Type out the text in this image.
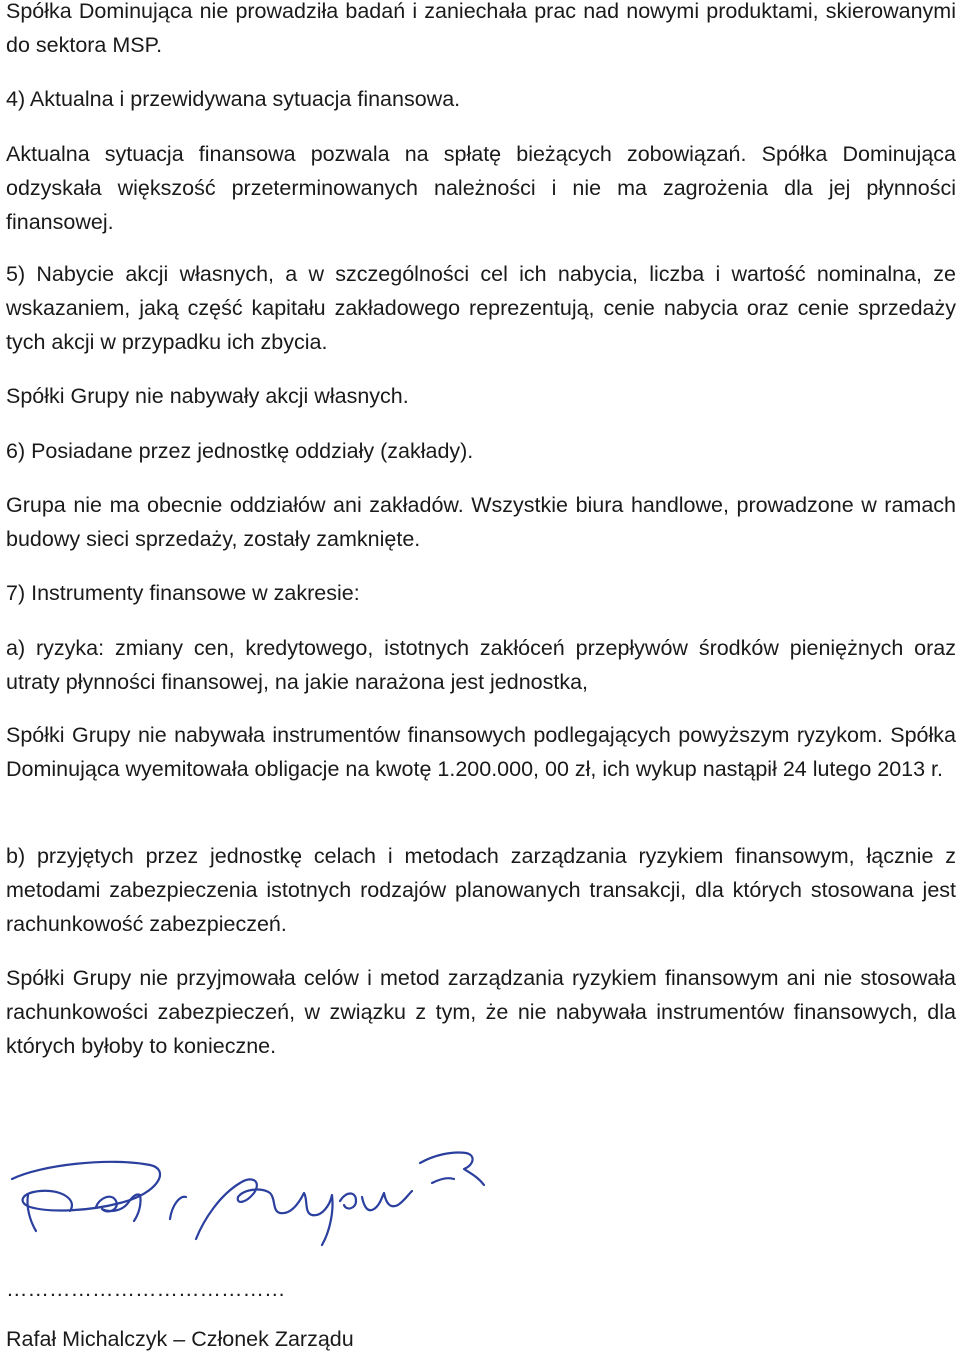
Spółka Dominująca nie prowadziła badań i zaniechała prac nad nowymi produktami, skierowanymi do sektora MSP.

4) Aktualna i przewidywana sytuacja finansowa.

Aktualna sytuacja finansowa pozwala na spłatę bieżących zobowiązań. Spółka Dominująca odzyskała większość przeterminowanych należności i nie ma zagrożenia dla jej płynności finansowej.

5) Nabycie akcji własnych, a w szczególności cel ich nabycia, liczba i wartość nominalna, ze wskazaniem, jaką część kapitału zakładowego reprezentują, cenie nabycia oraz cenie sprzedaży tych akcji w przypadku ich zbycia.

Spółki Grupy nie nabywały akcji własnych.

6) Posiadane przez jednostkę oddziały (zakłady).

Grupa nie ma obecnie oddziałów ani zakładów. Wszystkie biura handlowe, prowadzone w ramach budowy sieci sprzedaży, zostały zamknięte.

7) Instrumenty finansowe w zakresie:

a) ryzyka: zmiany cen, kredytowego, istotnych zakłóceń przepływów środków pieniężnych oraz utraty płynności finansowej, na jakie narażona jest jednostka,

Spółki Grupy nie nabywała instrumentów finansowych podlegających powyższym ryzykom. Spółka Dominująca wyemitowała obligacje na kwotę 1.200.000, 00 zł, ich wykup nastąpił 24 lutego 2013 r.

b) przyjętych przez jednostkę celach i metodach zarządzania ryzykiem finansowym, łącznie z metodami zabezpieczenia istotnych rodzajów planowanych transakcji, dla których stosowana jest rachunkowość zabezpieczeń.

Spółki Grupy nie przyjmowała celów i metod zarządzania ryzykiem finansowym ani nie stosowała rachunkowości zabezpieczeń, w związku z tym, że nie nabywała instrumentów finansowych, dla których byłoby to konieczne.

…………………………………

Rafał Michalczyk – Członek Zarządu
